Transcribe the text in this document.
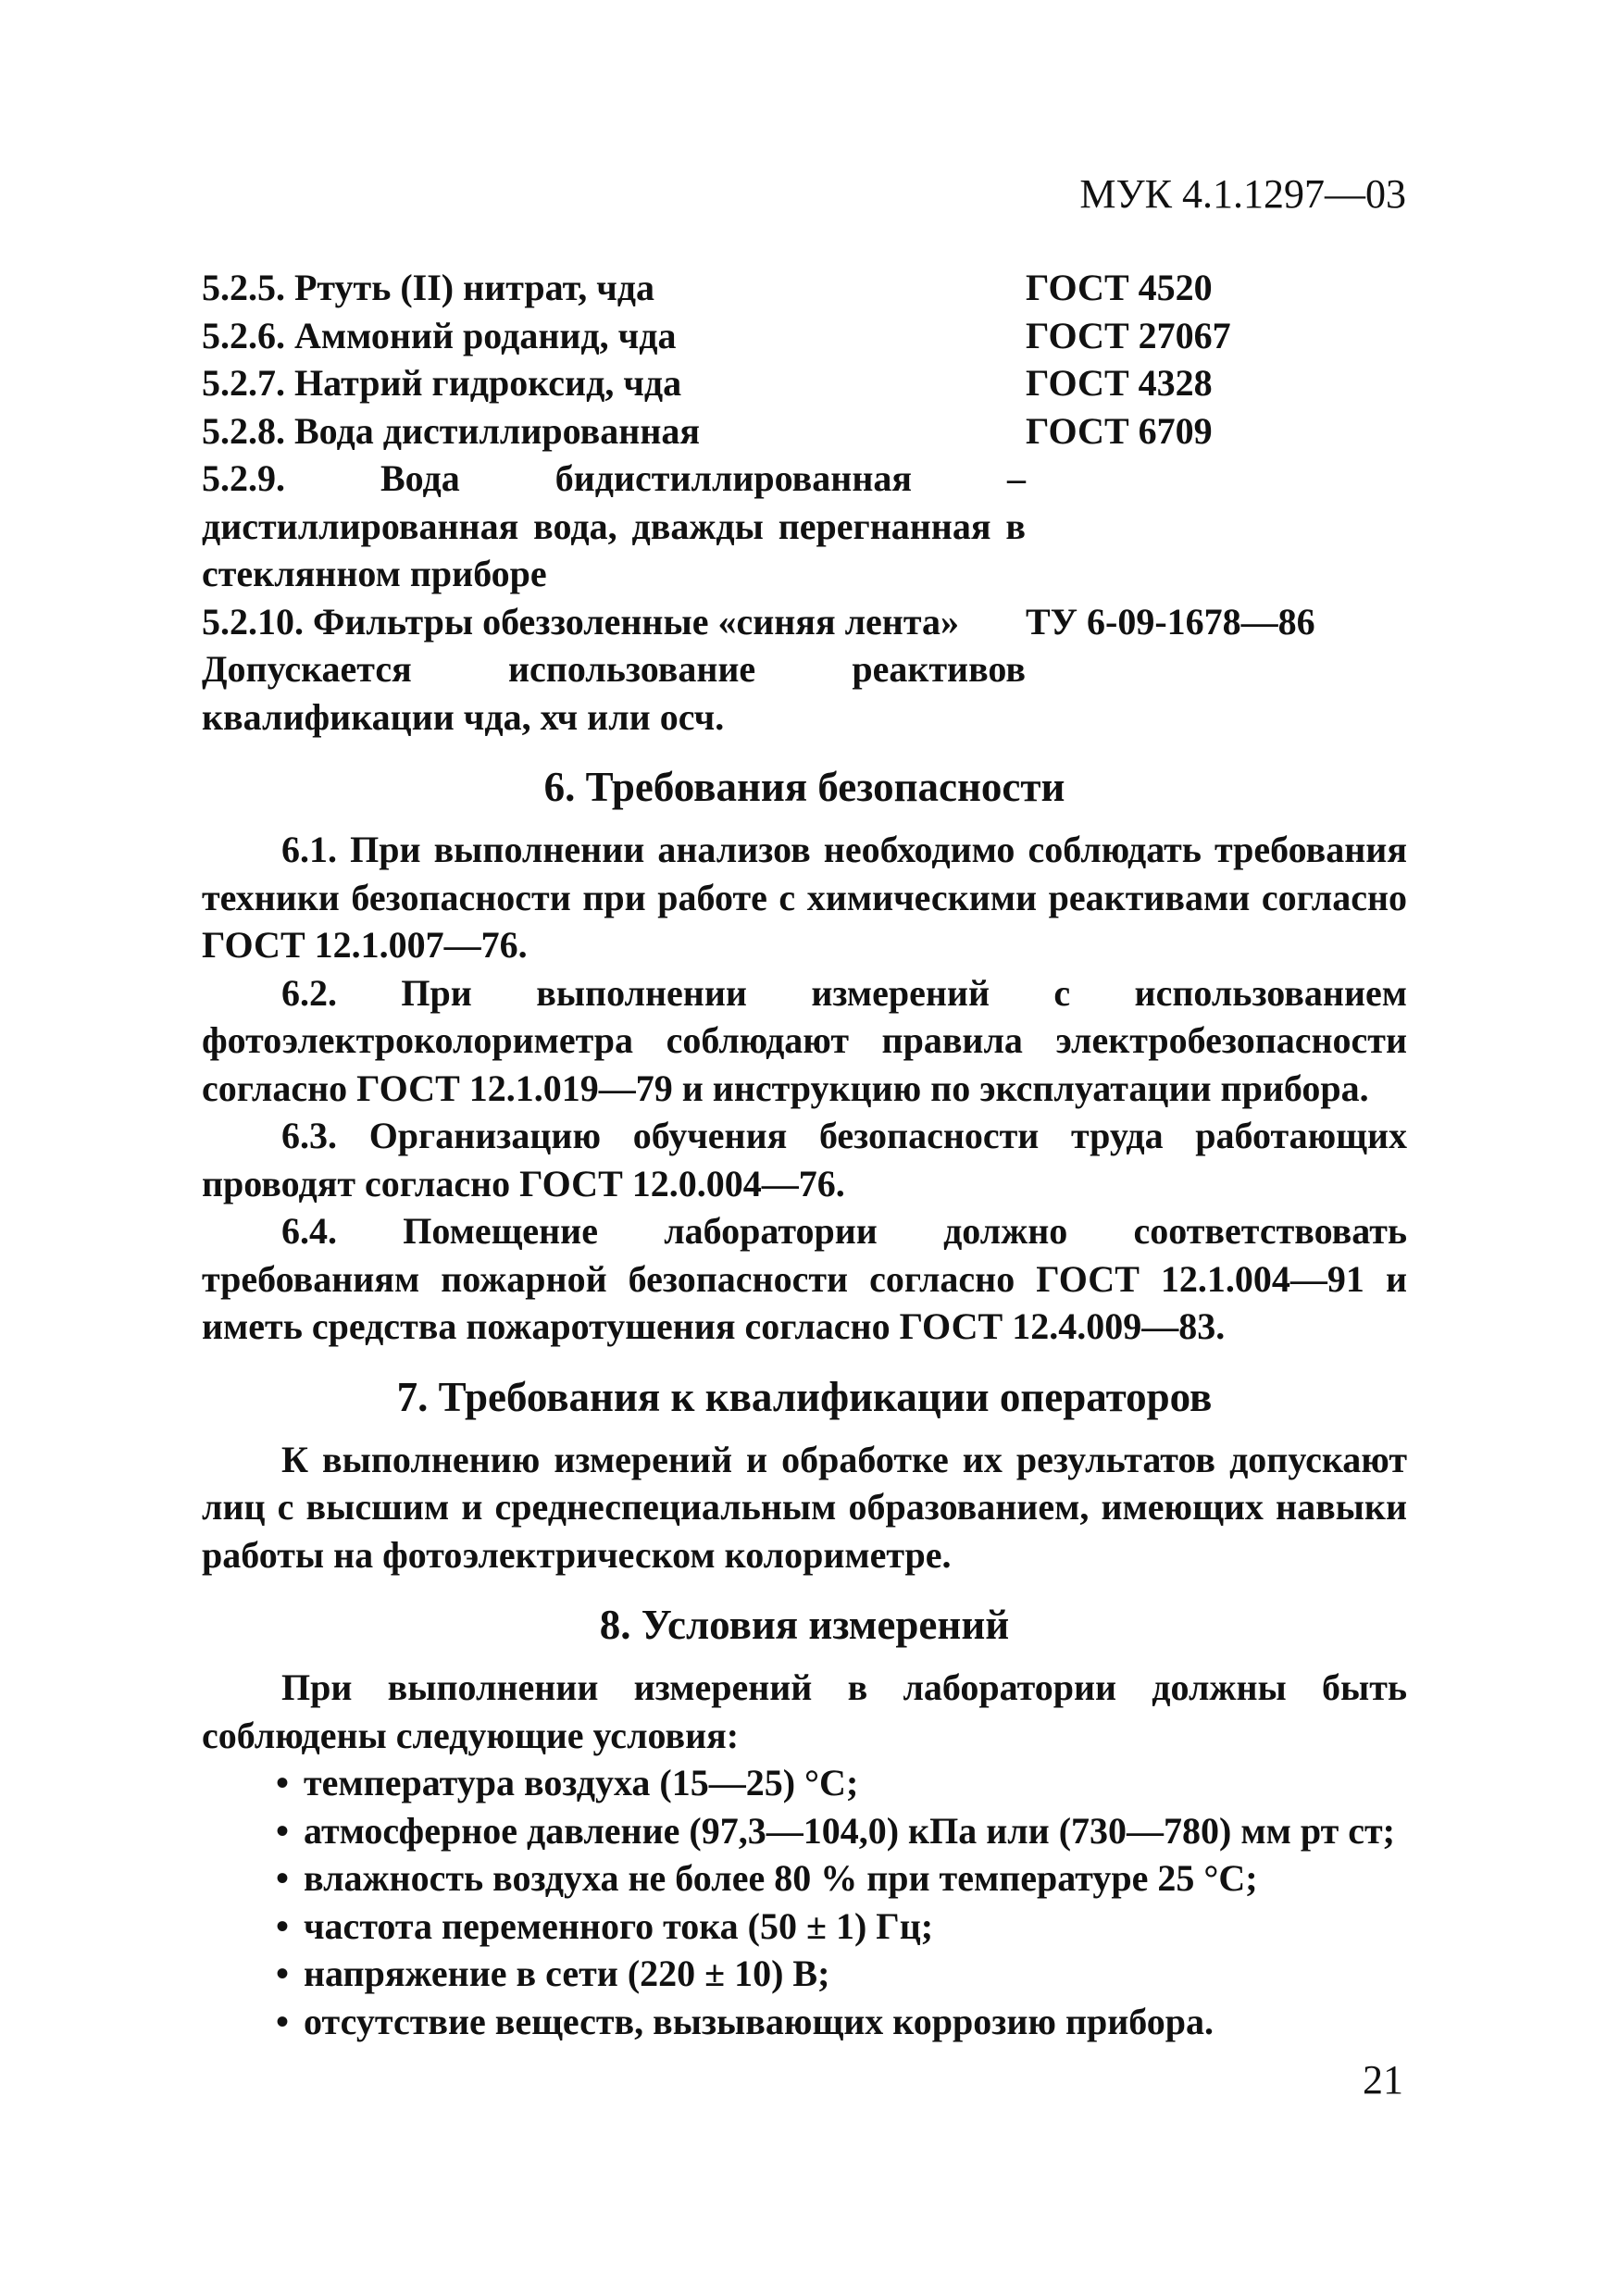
МУК 4.1.1297—03
5.2.5. Ртуть (II) нитрат, чда	ГОСТ 4520
5.2.6. Аммоний роданид, чда	ГОСТ 27067
5.2.7. Натрий гидроксид, чда	ГОСТ 4328
5.2.8. Вода дистиллированная	ГОСТ 6709
5.2.9. Вода бидистиллированная – дистиллированная вода, дважды перегнанная в стеклянном приборе
5.2.10. Фильтры обеззоленные «синяя лента»	ТУ 6-09-1678—86
Допускается использование реактивов квалификации чда, хч или осч.
6. Требования безопасности

6.1. При выполнении анализов необходимо соблюдать требования техники безопасности при работе с химическими реактивами согласно ГОСТ 12.1.007—76.

6.2. При выполнении измерений с использованием фотоэлектроколориметра соблюдают правила электробезопасности согласно ГОСТ 12.1.019—79 и инструкцию по эксплуатации прибора.

6.3. Организацию обучения безопасности труда работающих проводят согласно ГОСТ 12.0.004—76.

6.4. Помещение лаборатории должно соответствовать требованиям пожарной безопасности согласно ГОСТ 12.1.004—91 и иметь средства пожаротушения согласно ГОСТ 12.4.009—83.

7. Требования к квалификации операторов

К выполнению измерений и обработке их результатов допускают лиц с высшим и среднеспециальным образованием, имеющих навыки работы на фотоэлектрическом колориметре.

8. Условия измерений

При выполнении измерений в лаборатории должны быть соблюдены следующие условия:

• температура воздуха (15—25) °С;
• атмосферное давление (97,3—104,0) кПа или (730—780) мм рт ст;
• влажность воздуха не более 80 % при температуре 25 °С;
• частота переменного тока (50 ± 1) Гц;
• напряжение в сети (220 ± 10) В;
• отсутствие веществ, вызывающих коррозию прибора.
21
